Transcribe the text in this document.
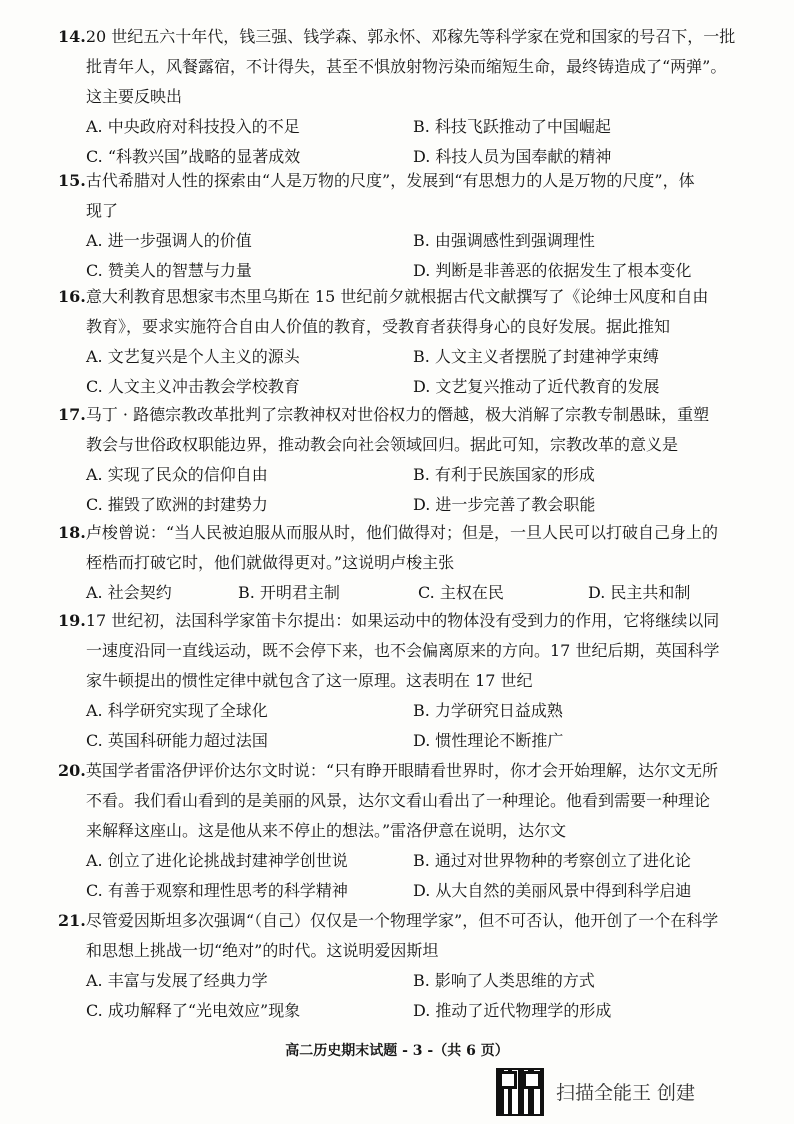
14.20 世纪五六十年代，钱三强、钱学森、郭永怀、邓稼先等科学家在党和国家的号召下，一批
批青年人，风餐露宿，不计得失，甚至不惧放射物污染而缩短生命，最终铸造成了“两弹”。
这主要反映出

A. 中央政府对科技投入的不足	B. 科技飞跃推动了中国崛起
C. “科教兴国”战略的显著成效	D. 科技人员为国奉献的精神

15.古代希腊对人性的探索由“人是万物的尺度”，发展到“有思想力的人是万物的尺度”，体
现了

A. 进一步强调人的价值	B. 由强调感性到强调理性
C. 赞美人的智慧与力量	D. 判断是非善恶的依据发生了根本变化

16.意大利教育思想家韦杰里乌斯在 15 世纪前夕就根据古代文献撰写了《论绅士风度和自由
教育》，要求实施符合自由人价值的教育，受教育者获得身心的良好发展。据此推知

A. 文艺复兴是个人主义的源头	B. 人文主义者摆脱了封建神学束缚
C. 人文主义冲击教会学校教育	D. 文艺复兴推动了近代教育的发展

17.马丁 · 路德宗教改革批判了宗教神权对世俗权力的僭越，极大消解了宗教专制愚昧，重塑
教会与世俗政权职能边界，推动教会向社会领域回归。据此可知，宗教改革的意义是

A. 实现了民众的信仰自由	B. 有利于民族国家的形成
C. 摧毁了欧洲的封建势力	D. 进一步完善了教会职能

18.卢梭曾说：“当人民被迫服从而服从时，他们做得对；但是，一旦人民可以打破自己身上的
桎梏而打破它时，他们就做得更对。”这说明卢梭主张

A. 社会契约	B. 开明君主制	C. 主权在民	D. 民主共和制

19.17 世纪初，法国科学家笛卡尔提出：如果运动中的物体没有受到力的作用，它将继续以同
一速度沿同一直线运动，既不会停下来，也不会偏离原来的方向。17 世纪后期，英国科学
家牛顿提出的惯性定律中就包含了这一原理。这表明在 17 世纪

A. 科学研究实现了全球化	B. 力学研究日益成熟
C. 英国科研能力超过法国	D. 惯性理论不断推广

20.英国学者雷洛伊评价达尔文时说：“只有睁开眼睛看世界时，你才会开始理解，达尔文无所
不看。我们看山看到的是美丽的风景，达尔文看山看出了一种理论。他看到需要一种理论
来解释这座山。这是他从来不停止的想法。”雷洛伊意在说明，达尔文

A. 创立了进化论挑战封建神学创世说	B. 通过对世界物种的考察创立了进化论
C. 有善于观察和理性思考的科学精神	D. 从大自然的美丽风景中得到科学启迪

21.尽管爱因斯坦多次强调“（自己）仅仅是一个物理学家”，但不可否认，他开创了一个在科学
和思想上挑战一切“绝对”的时代。这说明爱因斯坦

A. 丰富与发展了经典力学	B. 影响了人类思维的方式
C. 成功解释了“光电效应”现象	D. 推动了近代物理学的形成
高二历史期末试题 - 3 -（共 6 页）
扫描全能王 创建
